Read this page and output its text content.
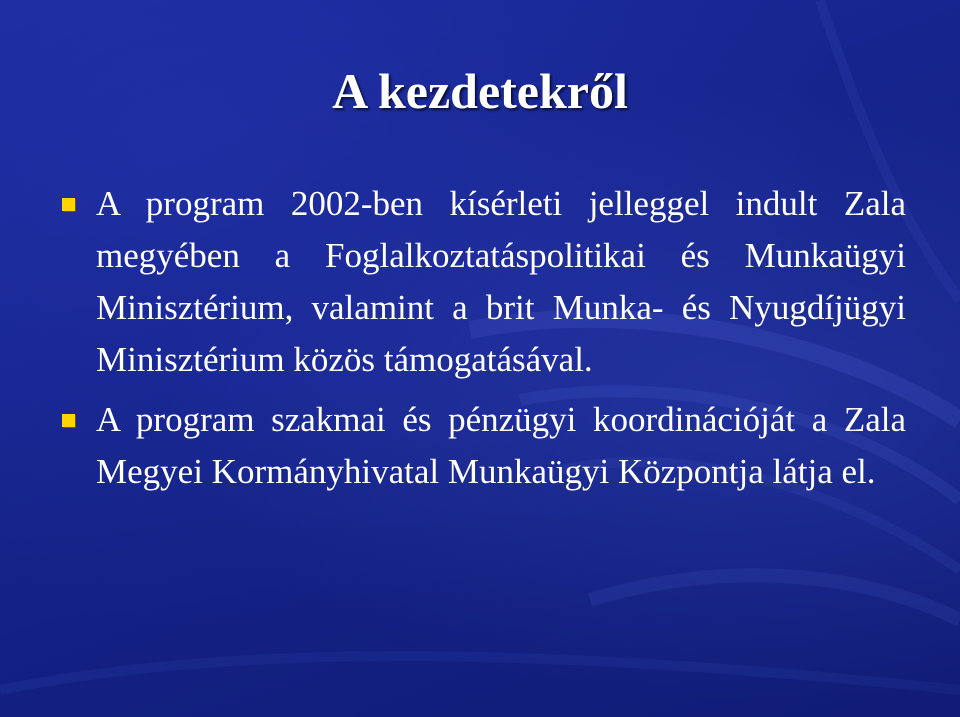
A kezdetekről
A program 2002-ben kísérleti jelleggel indult Zala megyében a Foglalkoztatáspolitikai és Munkaügyi Minisztérium, valamint a brit Munka- és Nyugdíjügyi Minisztérium közös támogatásával.
A program szakmai és pénzügyi koordinációját a Zala Megyei Kormányhivatal Munkaügyi Központja látja el.
